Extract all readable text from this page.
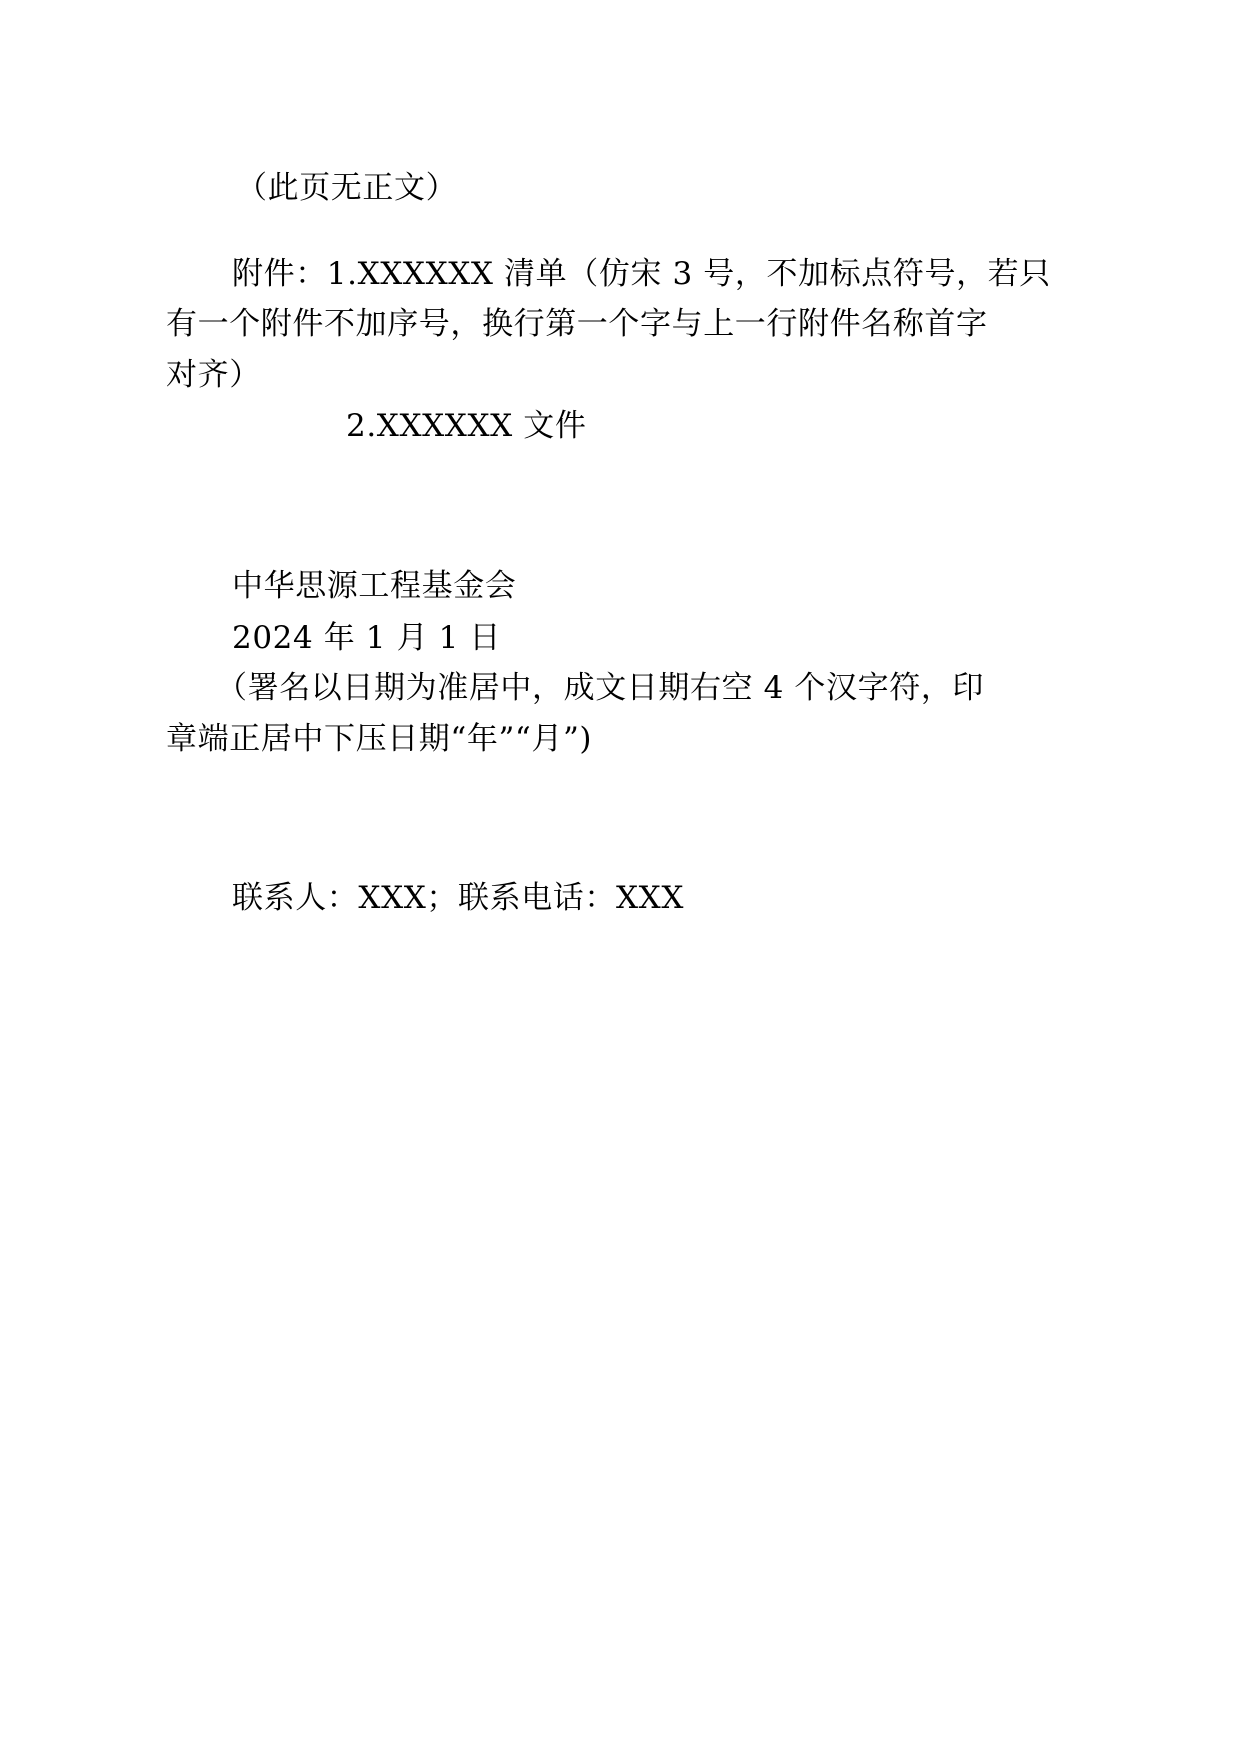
（此页无正文）
附件：1.XXXXXX 清单（仿宋 3 号，不加标点符号，若只
有一个附件不加序号，换行第一个字与上一行附件名称首字
对齐）
2.XXXXXX 文件
中华思源工程基金会
2024 年 1 月 1 日
（署名以日期为准居中，成文日期右空 4 个汉字符，印
章端正居中下压日期“年”“月”)
联系人：XXX；联系电话：XXX
